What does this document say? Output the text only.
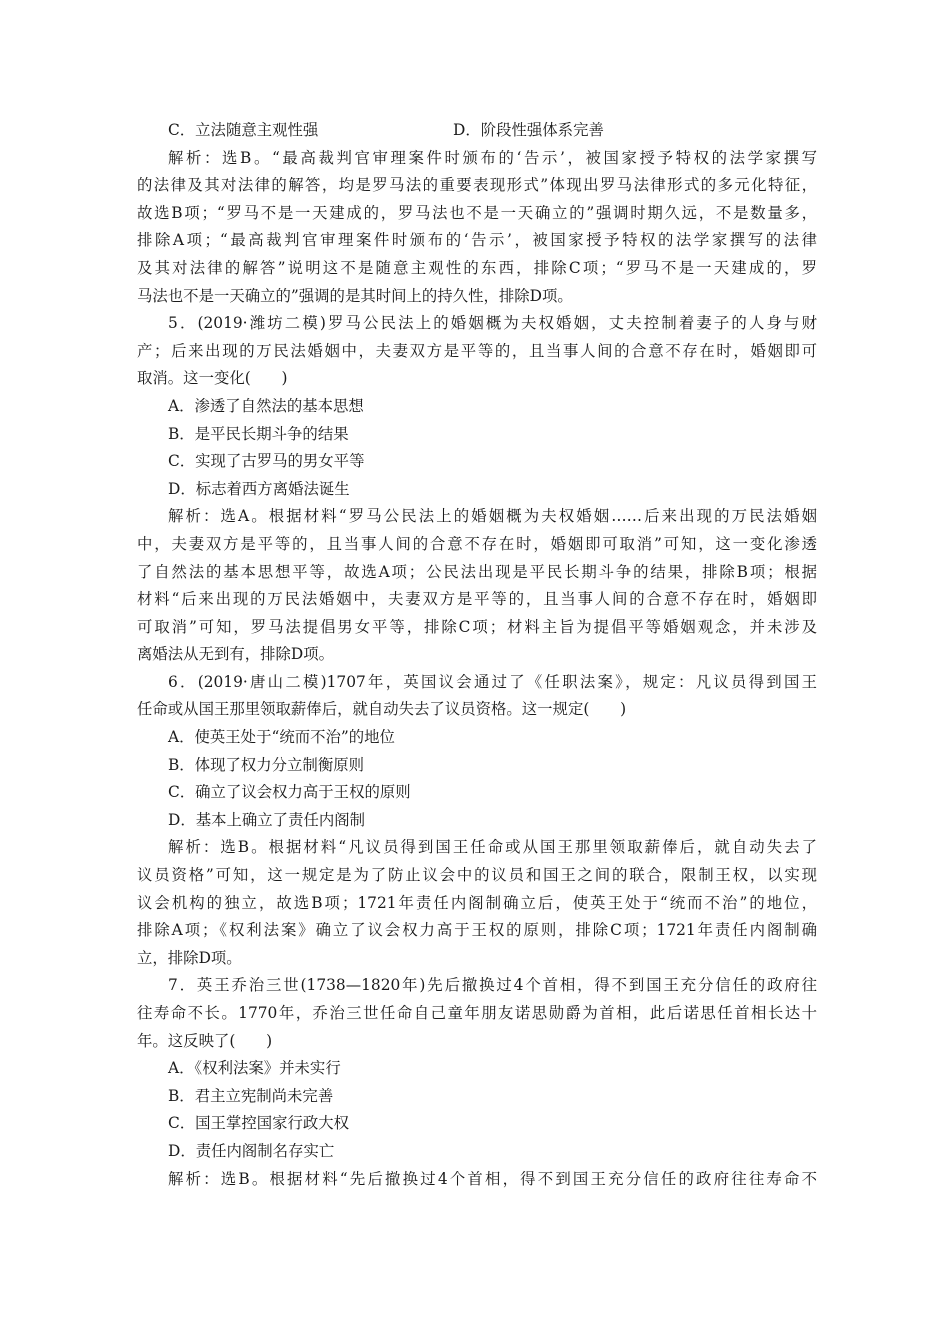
C．立法随意主观性强	D．阶段性强体系完善
解析：选B。“最高裁判官审理案件时颁布的‘告示’，被国家授予特权的法学家撰写
的法律及其对法律的解答，均是罗马法的重要表现形式”体现出罗马法律形式的多元化特征，
故选B项；“罗马不是一天建成的，罗马法也不是一天确立的”强调时期久远，不是数量多，
排除A项；“最高裁判官审理案件时颁布的‘告示’，被国家授予特权的法学家撰写的法律
及其对法律的解答”说明这不是随意主观性的东西，排除C项；“罗马不是一天建成的，罗
马法也不是一天确立的”强调的是其时间上的持久性，排除D项。
5．(2019·潍坊二模)罗马公民法上的婚姻概为夫权婚姻，丈夫控制着妻子的人身与财
产；后来出现的万民法婚姻中，夫妻双方是平等的，且当事人间的合意不存在时，婚姻即可
取消。这一变化(　　)
A．渗透了自然法的基本思想
B．是平民长期斗争的结果
C．实现了古罗马的男女平等
D．标志着西方离婚法诞生
解析：选A。根据材料“罗马公民法上的婚姻概为夫权婚姻……后来出现的万民法婚姻
中，夫妻双方是平等的，且当事人间的合意不存在时，婚姻即可取消”可知，这一变化渗透
了自然法的基本思想平等，故选A项；公民法出现是平民长期斗争的结果，排除B项；根据
材料“后来出现的万民法婚姻中，夫妻双方是平等的，且当事人间的合意不存在时，婚姻即
可取消”可知，罗马法提倡男女平等，排除C项；材料主旨为提倡平等婚姻观念，并未涉及
离婚法从无到有，排除D项。
6．(2019·唐山二模)1707年，英国议会通过了《任职法案》，规定：凡议员得到国王
任命或从国王那里领取薪俸后，就自动失去了议员资格。这一规定(　　)
A．使英王处于“统而不治”的地位
B．体现了权力分立制衡原则
C．确立了议会权力高于王权的原则
D．基本上确立了责任内阁制
解析：选B。根据材料“凡议员得到国王任命或从国王那里领取薪俸后，就自动失去了
议员资格”可知，这一规定是为了防止议会中的议员和国王之间的联合，限制王权，以实现
议会机构的独立，故选B项；1721年责任内阁制确立后，使英王处于“统而不治”的地位，
排除A项；《权利法案》确立了议会权力高于王权的原则，排除C项；1721年责任内阁制确
立，排除D项。
7．英王乔治三世(1738—1820年)先后撤换过4个首相，得不到国王充分信任的政府往
往寿命不长。1770年，乔治三世任命自己童年朋友诺思勋爵为首相，此后诺思任首相长达十
年。这反映了(　　)
A．《权利法案》并未实行
B．君主立宪制尚未完善
C．国王掌控国家行政大权
D．责任内阁制名存实亡
解析：选B。根据材料“先后撤换过4个首相，得不到国王充分信任的政府往往寿命不
